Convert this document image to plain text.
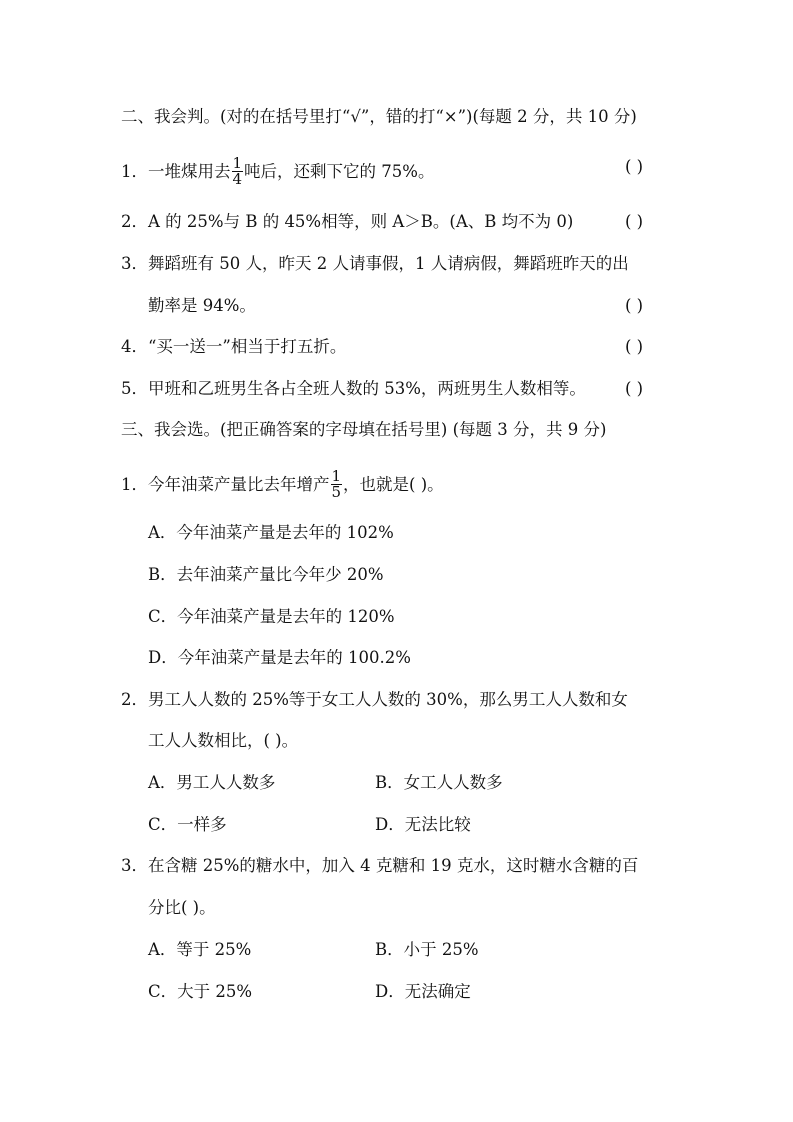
二、我会判。(对的在括号里打“√”，错的打“×”)(每题 2 分，共 10 分)
1．一堆煤用去 $\frac{1}{4}$ 吨后，还剩下它的 75%。	( )
2．A 的 25%与 B 的 45%相等，则 A＞B。(A、B 均不为 0)	( )
3．舞蹈班有 50 人，昨天 2 人请事假，1 人请病假，舞蹈班昨天的出
勤率是 94%。	( )
4．“买一送一”相当于打五折。	( )
5．甲班和乙班男生各占全班人数的 53%，两班男生人数相等。 ( )
三、我会选。(把正确答案的字母填在括号里) (每题 3 分，共 9 分)
1．今年油菜产量比去年增产 $\frac{1}{5}$ ，也就是( )。
A．今年油菜产量是去年的 102%
B．去年油菜产量比今年少 20%
C．今年油菜产量是去年的 120%
D．今年油菜产量是去年的 100.2%
2．男工人人数的 25%等于女工人人数的 30%，那么男工人人数和女
工人人数相比，( )。
A．男工人人数多	B．女工人人数多
C．一样多	D．无法比较
3．在含糖 25%的糖水中，加入 4 克糖和 19 克水，这时糖水含糖的百
分比( )。
A．等于 25%	B．小于 25%
C．大于 25%	D．无法确定
